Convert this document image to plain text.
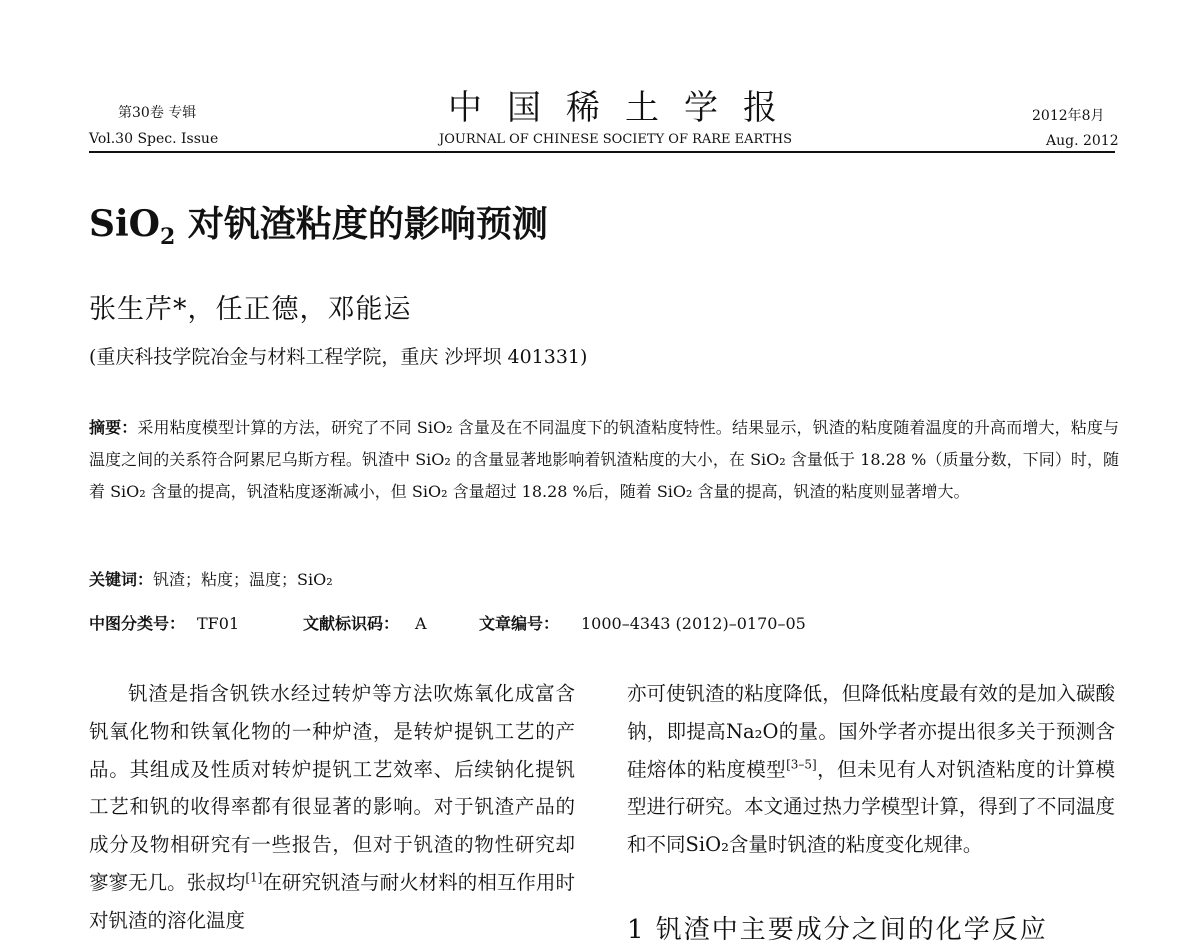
第30卷 专辑
Vol.30 Spec. Issue
中国稀土学报
JOURNAL OF CHINESE SOCIETY OF RARE EARTHS
2012年8月
Aug. 2012
SiO$_2$ 对钒渣粘度的影响预测
张生芹*，任正德，邓能运
(重庆科技学院冶金与材料工程学院，重庆 沙坪坝 401331)
摘要：采用粘度模型计算的方法，研究了不同 SiO₂ 含量及在不同温度下的钒渣粘度特性。结果显示，钒渣的粘度随着温度的升高而增大，粘度与温度之间的关系符合阿累尼乌斯方程。钒渣中 SiO₂ 的含量显著地影响着钒渣粘度的大小，在 SiO₂ 含量低于 18.28 %（质量分数，下同）时，随着 SiO₂ 含量的提高，钒渣粘度逐渐减小，但 SiO₂ 含量超过 18.28 %后，随着 SiO₂ 含量的提高，钒渣的粘度则显著增大。
关键词：钒渣；粘度；温度；SiO₂
中图分类号： TF01	文献标识码： A	文章编号： 1000–4343 (2012)–0170–05

钒渣是指含钒铁水经过转炉等方法吹炼氧化成富含钒氧化物和铁氧化物的一种炉渣，是转炉提钒工艺的产品。其组成及性质对转炉提钒工艺效率、后续钠化提钒工艺和钒的收得率都有很显著的影响。对于钒渣产品的成分及物相研究有一些报告，但对于钒渣的物性研究却寥寥无几。张叔均[1]在研究钒渣与耐火材料的相互作用时对钒渣的溶化温度

亦可使钒渣的粘度降低，但降低粘度最有效的是加入碳酸钠，即提高Na₂O的量。国外学者亦提出很多关于预测含硅熔体的粘度模型[3–5]，但未见有人对钒渣粘度的计算模型进行研究。本文通过热力学模型计算，得到了不同温度和不同SiO₂含量时钒渣的粘度变化规律。

1 钒渣中主要成分之间的化学反应
